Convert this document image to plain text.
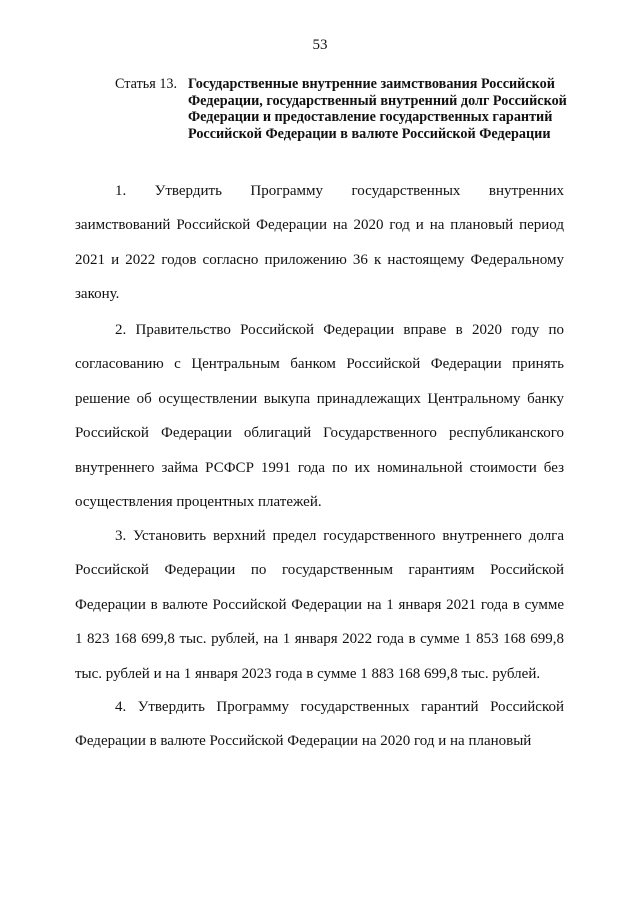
53
Статья 13. Государственные внутренние заимствования Российской Федерации, государственный внутренний долг Российской Федерации и предоставление государственных гарантий Российской Федерации в валюте Российской Федерации

1. Утвердить Программу государственных внутренних заимствований Российской Федерации на 2020 год и на плановый период 2021 и 2022 годов согласно приложению 36 к настоящему Федеральному закону.

2. Правительство Российской Федерации вправе в 2020 году по согласованию с Центральным банком Российской Федерации принять решение об осуществлении выкупа принадлежащих Центральному банку Российской Федерации облигаций Государственного республиканского внутреннего займа РСФСР 1991 года по их номинальной стоимости без осуществления процентных платежей.

3. Установить верхний предел государственного внутреннего долга Российской Федерации по государственным гарантиям Российской Федерации в валюте Российской Федерации на 1 января 2021 года в сумме 1 823 168 699,8 тыс. рублей, на 1 января 2022 года в сумме 1 853 168 699,8 тыс. рублей и на 1 января 2023 года в сумме 1 883 168 699,8 тыс. рублей.

4. Утвердить Программу государственных гарантий Российской Федерации в валюте Российской Федерации на 2020 год и на плановый
